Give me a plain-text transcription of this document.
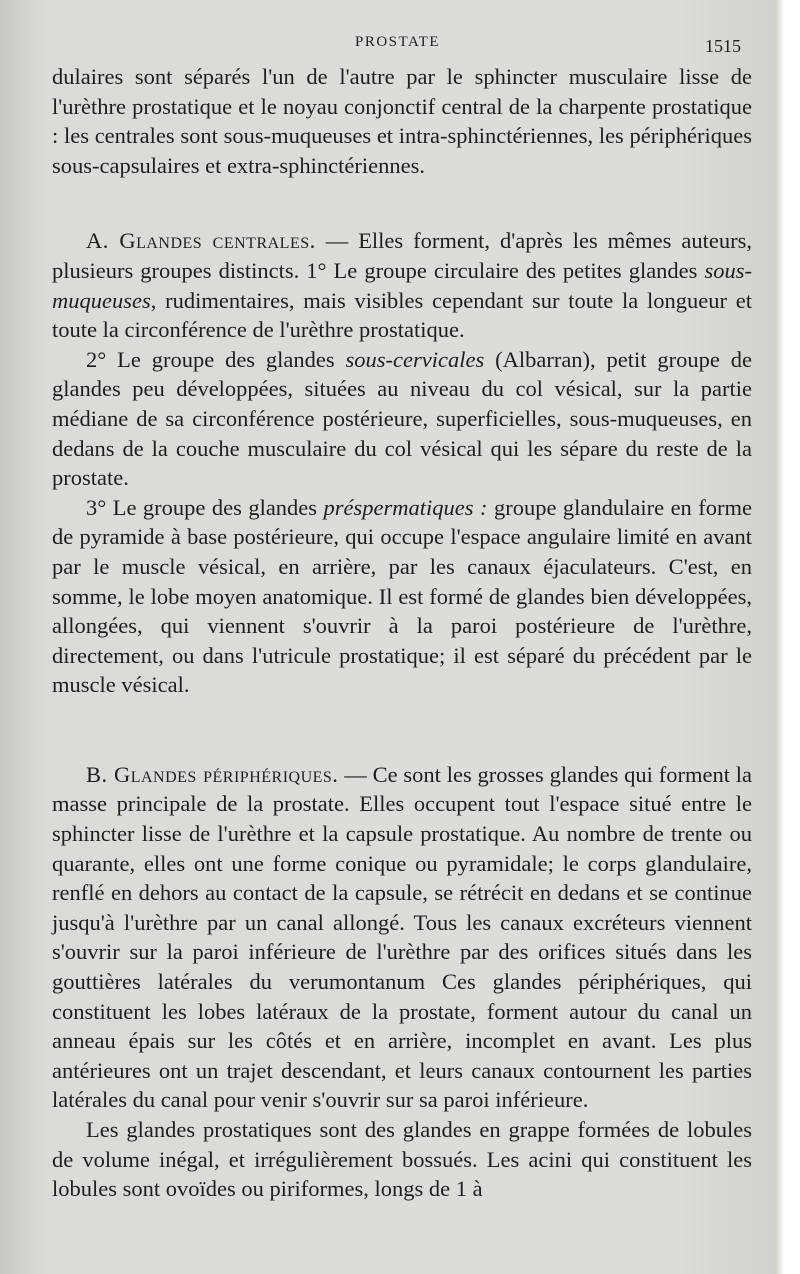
PROSTATE	1515

dulaires sont séparés l'un de l'autre par le sphincter musculaire lisse de l'urèthre prostatique et le noyau conjonctif central de la charpente prostatique : les centrales sont sous-muqueuses et intra-sphinctériennes, les périphériques sous-capsulaires et extra-sphinctériennes.

A. Glandes centrales. — Elles forment, d'après les mêmes auteurs, plusieurs groupes distincts. 1° Le groupe circulaire des petites glandes sous-muqueuses, rudimentaires, mais visibles cependant sur toute la longueur et toute la circonférence de l'urèthre prostatique.

2° Le groupe des glandes sous-cervicales (Albarran), petit groupe de glandes peu développées, situées au niveau du col vésical, sur la partie médiane de sa circonférence postérieure, superficielles, sous-muqueuses, en dedans de la couche musculaire du col vésical qui les sépare du reste de la prostate.

3° Le groupe des glandes préspermatiques : groupe glandulaire en forme de pyramide à base postérieure, qui occupe l'espace angulaire limité en avant par le muscle vésical, en arrière, par les canaux éjaculateurs. C'est, en somme, le lobe moyen anatomique. Il est formé de glandes bien développées, allongées, qui viennent s'ouvrir à la paroi postérieure de l'urèthre, directement, ou dans l'utricule prostatique; il est séparé du précédent par le muscle vésical.

B. Glandes périphériques. — Ce sont les grosses glandes qui forment la masse principale de la prostate. Elles occupent tout l'espace situé entre le sphincter lisse de l'urèthre et la capsule prostatique. Au nombre de trente ou quarante, elles ont une forme conique ou pyramidale; le corps glandulaire, renflé en dehors au contact de la capsule, se rétrécit en dedans et se continue jusqu'à l'urèthre par un canal allongé. Tous les canaux excréteurs viennent s'ouvrir sur la paroi inférieure de l'urèthre par des orifices situés dans les gouttières latérales du verumontanum Ces glandes périphériques, qui constituent les lobes latéraux de la prostate, forment autour du canal un anneau épais sur les côtés et en arrière, incomplet en avant. Les plus antérieures ont un trajet descendant, et leurs canaux contournent les parties latérales du canal pour venir s'ouvrir sur sa paroi inférieure.

Les glandes prostatiques sont des glandes en grappe formées de lobules de volume inégal, et irrégulièrement bossués. Les acini qui constituent les lobules sont ovoïdes ou piriformes, longs de 1 à
